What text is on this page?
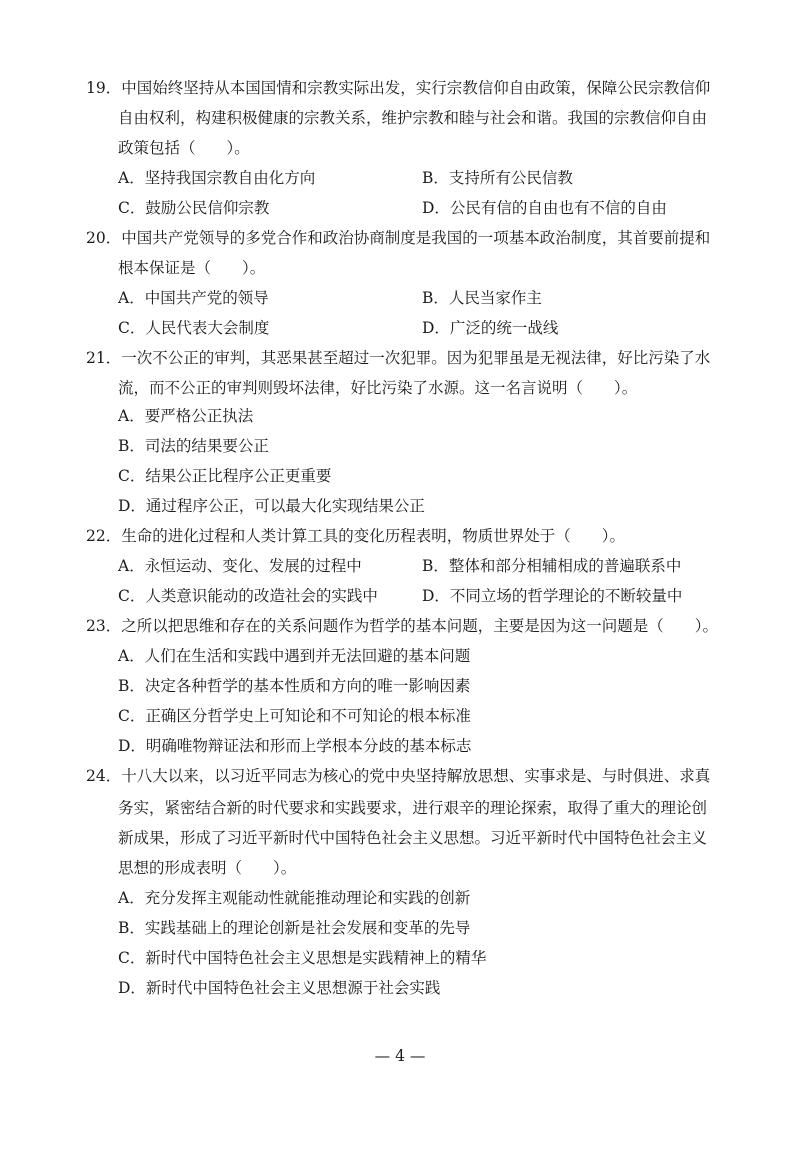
19．中国始终坚持从本国国情和宗教实际出发，实行宗教信仰自由政策，保障公民宗教信仰
自由权利，构建积极健康的宗教关系，维护宗教和睦与社会和谐。我国的宗教信仰自由
政策包括（　　）。
A．坚持我国宗教自由化方向	B．支持所有公民信教
C．鼓励公民信仰宗教	D．公民有信的自由也有不信的自由
20．中国共产党领导的多党合作和政治协商制度是我国的一项基本政治制度，其首要前提和
根本保证是（　　）。
A．中国共产党的领导	B．人民当家作主
C．人民代表大会制度	D．广泛的统一战线
21．一次不公正的审判，其恶果甚至超过一次犯罪。因为犯罪虽是无视法律，好比污染了水
流，而不公正的审判则毁坏法律，好比污染了水源。这一名言说明（　　）。
A．要严格公正执法
B．司法的结果要公正
C．结果公正比程序公正更重要
D．通过程序公正，可以最大化实现结果公正
22．生命的进化过程和人类计算工具的变化历程表明，物质世界处于（　　）。
A．永恒运动、变化、发展的过程中	B．整体和部分相辅相成的普遍联系中
C．人类意识能动的改造社会的实践中	D．不同立场的哲学理论的不断较量中
23．之所以把思维和存在的关系问题作为哲学的基本问题，主要是因为这一问题是（　　）。
A．人们在生活和实践中遇到并无法回避的基本问题
B．决定各种哲学的基本性质和方向的唯一影响因素
C．正确区分哲学史上可知论和不可知论的根本标准
D．明确唯物辩证法和形而上学根本分歧的基本标志
24．十八大以来，以习近平同志为核心的党中央坚持解放思想、实事求是、与时俱进、求真
务实，紧密结合新的时代要求和实践要求，进行艰辛的理论探索，取得了重大的理论创
新成果，形成了习近平新时代中国特色社会主义思想。习近平新时代中国特色社会主义
思想的形成表明（　　）。
A．充分发挥主观能动性就能推动理论和实践的创新
B．实践基础上的理论创新是社会发展和变革的先导
C．新时代中国特色社会主义思想是实践精神上的精华
D．新时代中国特色社会主义思想源于社会实践
— 4 —
